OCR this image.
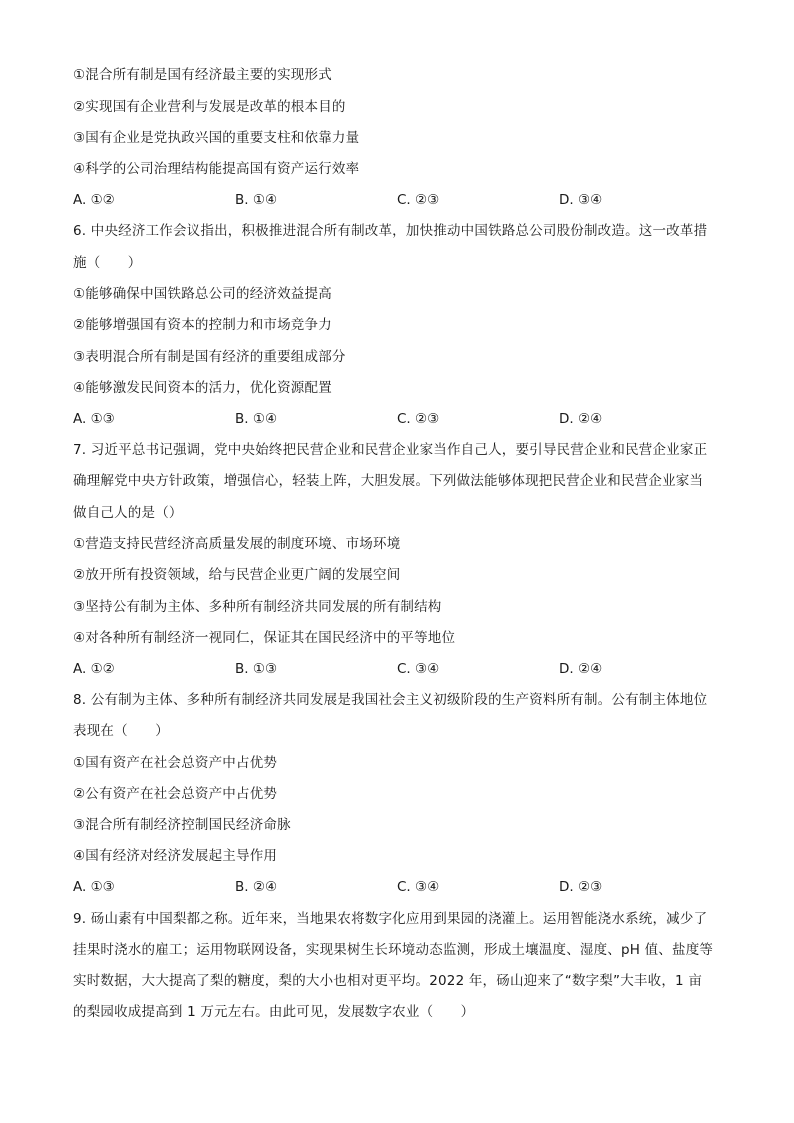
①混合所有制是国有经济最主要的实现形式
②实现国有企业营利与发展是改革的根本目的
③国有企业是党执政兴国的重要支柱和依靠力量
④科学的公司治理结构能提高国有资产运行效率
A. ①②	B. ①④	C. ②③	D. ③④
6. 中央经济工作会议指出，积极推进混合所有制改革，加快推动中国铁路总公司股份制改造。这一改革措
施（　　）
①能够确保中国铁路总公司的经济效益提高
②能够增强国有资本的控制力和市场竞争力
③表明混合所有制是国有经济的重要组成部分
④能够激发民间资本的活力，优化资源配置
A. ①③	B. ①④	C. ②③	D. ②④
7. 习近平总书记强调，党中央始终把民营企业和民营企业家当作自己人，要引导民营企业和民营企业家正
确理解党中央方针政策，增强信心，轻装上阵，大胆发展。下列做法能够体现把民营企业和民营企业家当
做自己人的是（）
①营造支持民营经济高质量发展的制度环境、市场环境
②放开所有投资领域，给与民营企业更广阔的发展空间
③坚持公有制为主体、多种所有制经济共同发展的所有制结构
④对各种所有制经济一视同仁，保证其在国民经济中的平等地位
A. ①②	B. ①③	C. ③④	D. ②④
8. 公有制为主体、多种所有制经济共同发展是我国社会主义初级阶段的生产资料所有制。公有制主体地位
表现在（　　）
①国有资产在社会总资产中占优势
②公有资产在社会总资产中占优势
③混合所有制经济控制国民经济命脉
④国有经济对经济发展起主导作用
A. ①③	B. ②④	C. ③④	D. ②③
9. 砀山素有中国梨都之称。近年来，当地果农将数字化应用到果园的浇灌上。运用智能浇水系统，减少了
挂果时浇水的雇工；运用物联网设备，实现果树生长环境动态监测，形成土壤温度、湿度、pH 值、盐度等
实时数据，大大提高了梨的糖度，梨的大小也相对更平均。2022 年，砀山迎来了“数字梨”大丰收，1 亩
的梨园收成提高到 1 万元左右。由此可见，发展数字农业（　　）
